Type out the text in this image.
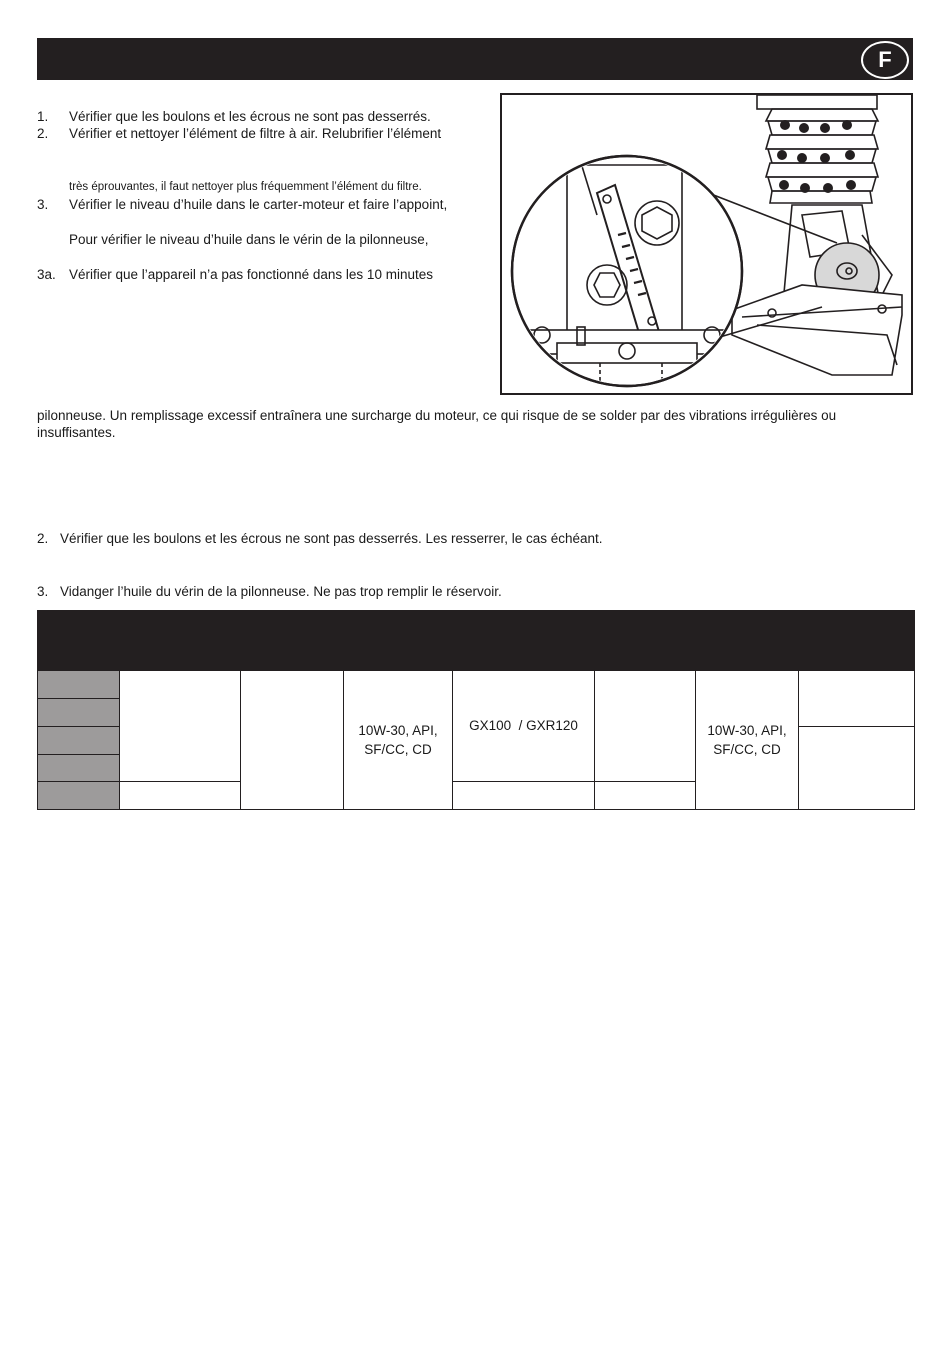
F
1. Vérifier que les boulons et les écrous ne sont pas desserrés.
2. Vérifier et nettoyer l’élément de filtre à air. Relubrifier l’élément
très éprouvantes, il faut nettoyer plus fréquemment l’élément du filtre.
3. Vérifier le niveau d’huile dans le carter-moteur et faire l’appoint,
Pour vérifier le niveau d’huile dans le vérin de la pilonneuse,
3a. Vérifier que l’appareil n’a pas fonctionné dans les 10 minutes
pilonneuse. Un remplissage excessif entraînera une surcharge du moteur, ce qui risque de se solder par des vibrations irrégulières ou
insuffisantes.
2. Vérifier que les boulons et les écrous ne sont pas desserrés. Les resserrer, le cas échéant.
3. Vidanger l’huile du vérin de la pilonneuse. Ne pas trop remplir le réservoir.

			10W-30, API, SF/CC, CD	GX100  / GXR120		10W-30, API, SF/CC, CD	
